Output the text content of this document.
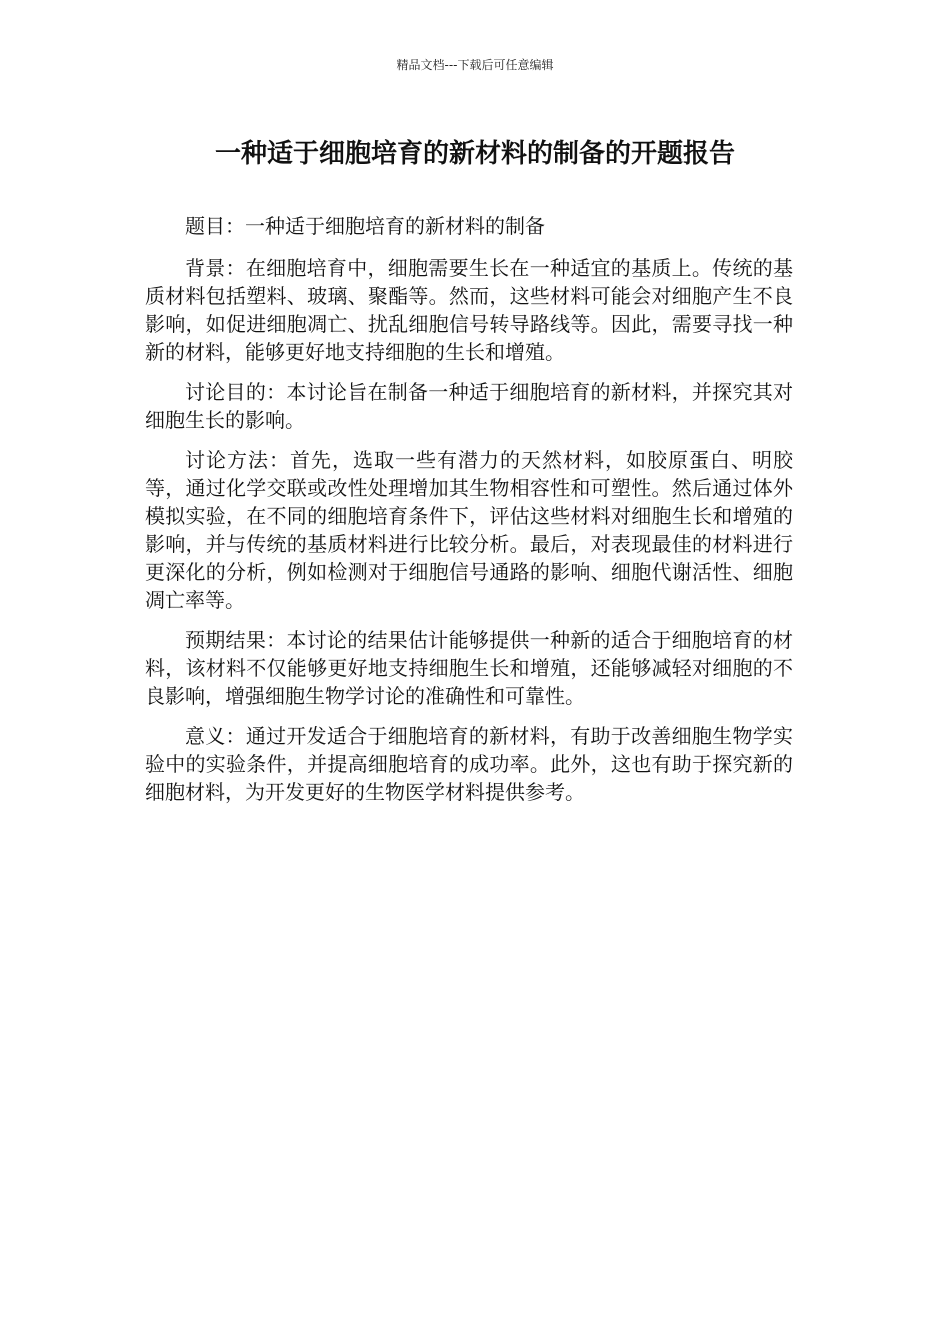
精品文档---下载后可任意编辑
一种适于细胞培育的新材料的制备的开题报告

题目：一种适于细胞培育的新材料的制备

背景：在细胞培育中，细胞需要生长在一种适宜的基质上。传统的基质材料包括塑料、玻璃、聚酯等。然而，这些材料可能会对细胞产生不良影响，如促进细胞凋亡、扰乱细胞信号转导路线等。因此，需要寻找一种新的材料，能够更好地支持细胞的生长和增殖。

讨论目的：本讨论旨在制备一种适于细胞培育的新材料，并探究其对细胞生长的影响。

讨论方法：首先，选取一些有潜力的天然材料，如胶原蛋白、明胶等，通过化学交联或改性处理增加其生物相容性和可塑性。然后通过体外模拟实验，在不同的细胞培育条件下，评估这些材料对细胞生长和增殖的影响，并与传统的基质材料进行比较分析。最后，对表现最佳的材料进行更深化的分析，例如检测对于细胞信号通路的影响、细胞代谢活性、细胞凋亡率等。

预期结果：本讨论的结果估计能够提供一种新的适合于细胞培育的材料，该材料不仅能够更好地支持细胞生长和增殖，还能够减轻对细胞的不良影响，增强细胞生物学讨论的准确性和可靠性。

意义：通过开发适合于细胞培育的新材料，有助于改善细胞生物学实验中的实验条件，并提高细胞培育的成功率。此外，这也有助于探究新的细胞材料，为开发更好的生物医学材料提供参考。
